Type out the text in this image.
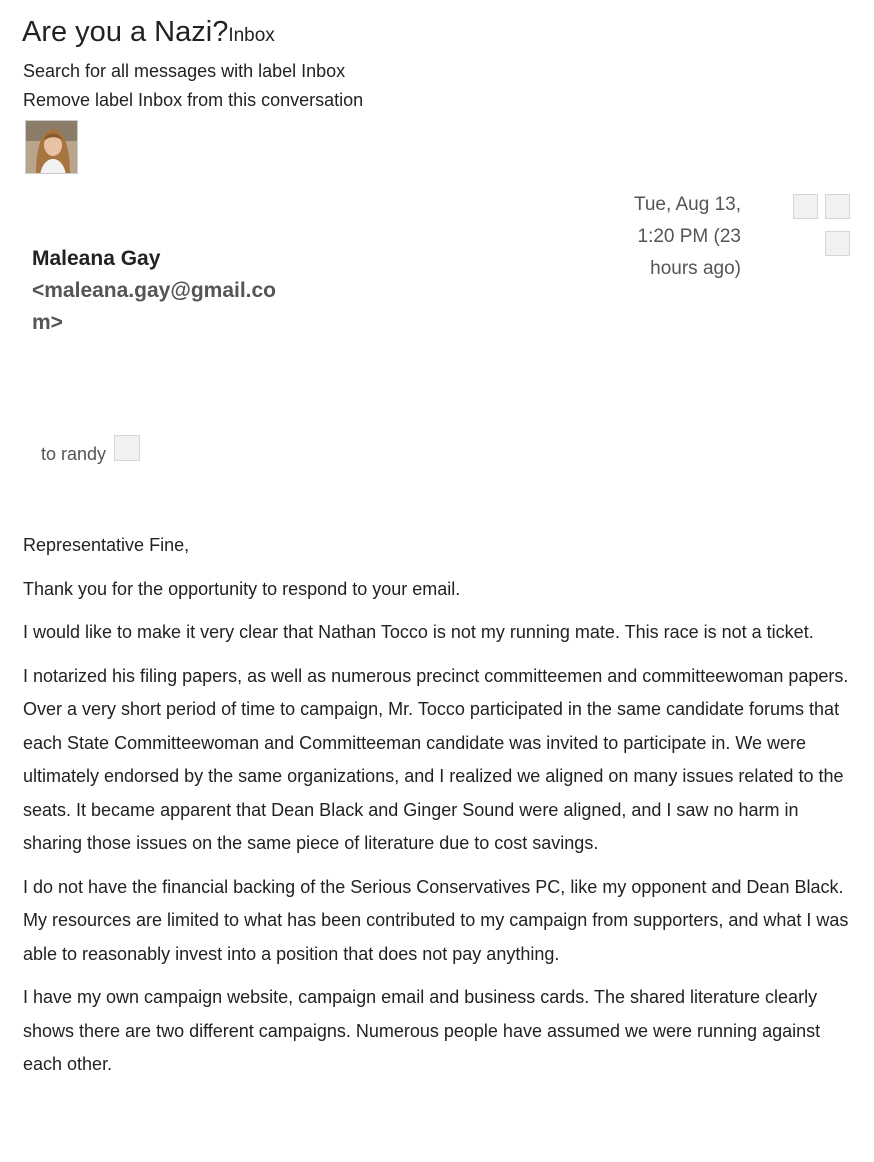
Are you a Nazi?Inbox
Search for all messages with label Inbox
Remove label Inbox from this conversation
Maleana Gay
<maleana.gay@gmail.com>
Tue, Aug 13, 1:20 PM (23 hours ago)
to randy

Representative Fine,

Thank you for the opportunity to respond to your email.

I would like to make it very clear that Nathan Tocco is not my running mate. This race is not a ticket.

I notarized his filing papers, as well as numerous precinct committeemen and committeewoman papers. Over a very short period of time to campaign, Mr. Tocco participated in the same candidate forums that each State Committeewoman and Committeeman candidate was invited to participate in. We were ultimately endorsed by the same organizations, and I realized we aligned on many issues related to the seats. It became apparent that Dean Black and Ginger Sound were aligned, and I saw no harm in sharing those issues on the same piece of literature due to cost savings.

I do not have the financial backing of the Serious Conservatives PC, like my opponent and Dean Black. My resources are limited to what has been contributed to my campaign from supporters, and what I was able to reasonably invest into a position that does not pay anything.

I have my own campaign website, campaign email and business cards. The shared literature clearly shows there are two different campaigns. Numerous people have assumed we were running against each other.
